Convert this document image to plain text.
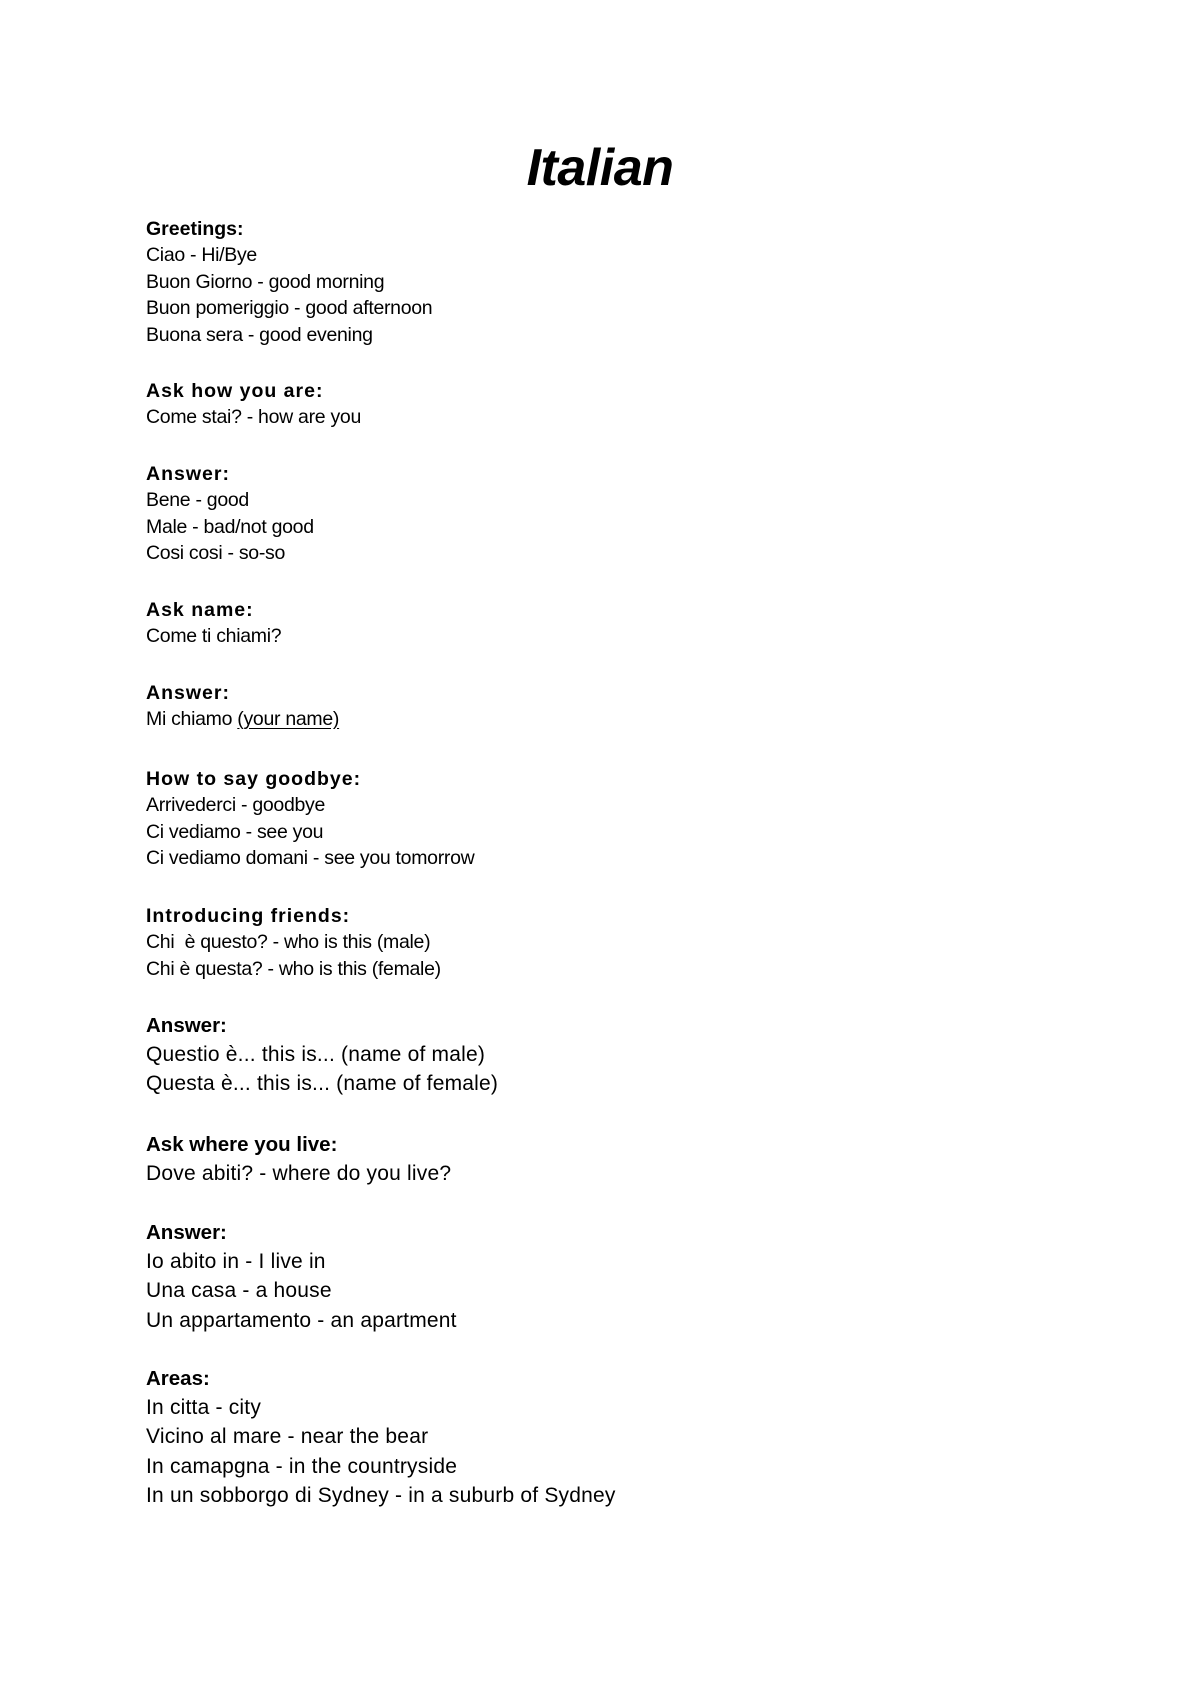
Italian
Greetings:
Ciao - Hi/Bye
Buon Giorno - good morning
Buon pomeriggio - good afternoon
Buona sera - good evening
Ask how you are:
Come stai? - how are you
Answer:
Bene - good
Male - bad/not good
Cosi cosi - so-so
Ask name:
Come ti chiami?
Answer:
Mi chiamo (your name)
How to say goodbye:
Arrivederci - goodbye
Ci vediamo - see you
Ci vediamo domani - see you tomorrow
Introducing friends:
Chi  è questo? - who is this (male)
Chi è questa? - who is this (female)
Answer:
Questio è... this is... (name of male)
Questa è... this is... (name of female)
Ask where you live:
Dove abiti? - where do you live?
Answer:
Io abito in - I live in
Una casa - a house
Un appartamento - an apartment
Areas:
In citta - city
Vicino al mare - near the bear
In camapgna - in the countryside
In un sobborgo di Sydney - in a suburb of Sydney
